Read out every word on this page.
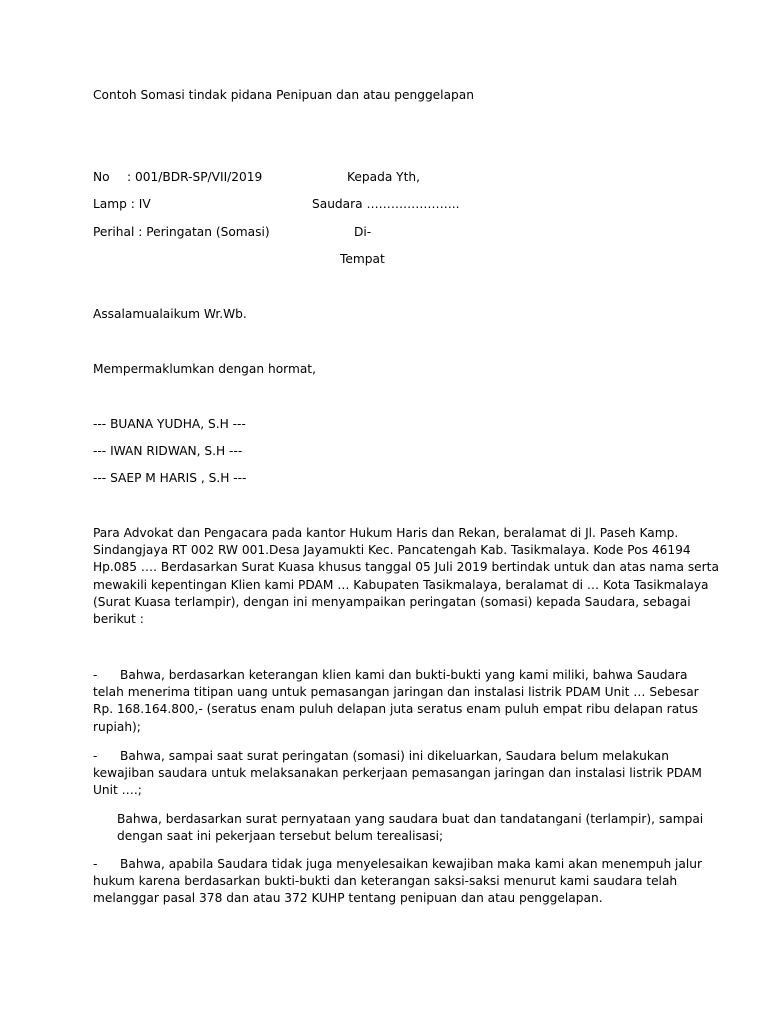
Contoh Somasi tindak pidana Penipuan dan atau penggelapan
No : 001/BDR-SP/VII/2019	Kepada Yth,
Lamp : IV	Saudara …………………..
Perihal : Peringatan (Somasi)	Di-
Tempat
Assalamualaikum Wr.Wb.
Mempermaklumkan dengan hormat,
--- BUANA YUDHA, S.H ---
--- IWAN RIDWAN, S.H ---
--- SAEP M HARIS , S.H ---
Para Advokat dan Pengacara pada kantor Hukum Haris dan Rekan, beralamat di Jl. Paseh Kamp.
Sindangjaya RT 002 RW 001.Desa Jayamukti Kec. Pancatengah Kab. Tasikmalaya. Kode Pos 46194
Hp.085 …. Berdasarkan Surat Kuasa khusus tanggal 05 Juli 2019 bertindak untuk dan atas nama serta
mewakili kepentingan Klien kami PDAM … Kabupaten Tasikmalaya, beralamat di … Kota Tasikmalaya
(Surat Kuasa terlampir), dengan ini menyampaikan peringatan (somasi) kepada Saudara, sebagai
berikut :
- Bahwa, berdasarkan keterangan klien kami dan bukti-bukti yang kami miliki, bahwa Saudara
telah menerima titipan uang untuk pemasangan jaringan dan instalasi listrik PDAM Unit … Sebesar
Rp. 168.164.800,- (seratus enam puluh delapan juta seratus enam puluh empat ribu delapan ratus
rupiah);
- Bahwa, sampai saat surat peringatan (somasi) ini dikeluarkan, Saudara belum melakukan
kewajiban saudara untuk melaksanakan perkerjaan pemasangan jaringan dan instalasi listrik PDAM
Unit ….;
Bahwa, berdasarkan surat pernyataan yang saudara buat dan tandatangani (terlampir), sampai
dengan saat ini pekerjaan tersebut belum terealisasi;
- Bahwa, apabila Saudara tidak juga menyelesaikan kewajiban maka kami akan menempuh jalur
hukum karena berdasarkan bukti-bukti dan keterangan saksi-saksi menurut kami saudara telah
melanggar pasal 378 dan atau 372 KUHP tentang penipuan dan atau penggelapan.
